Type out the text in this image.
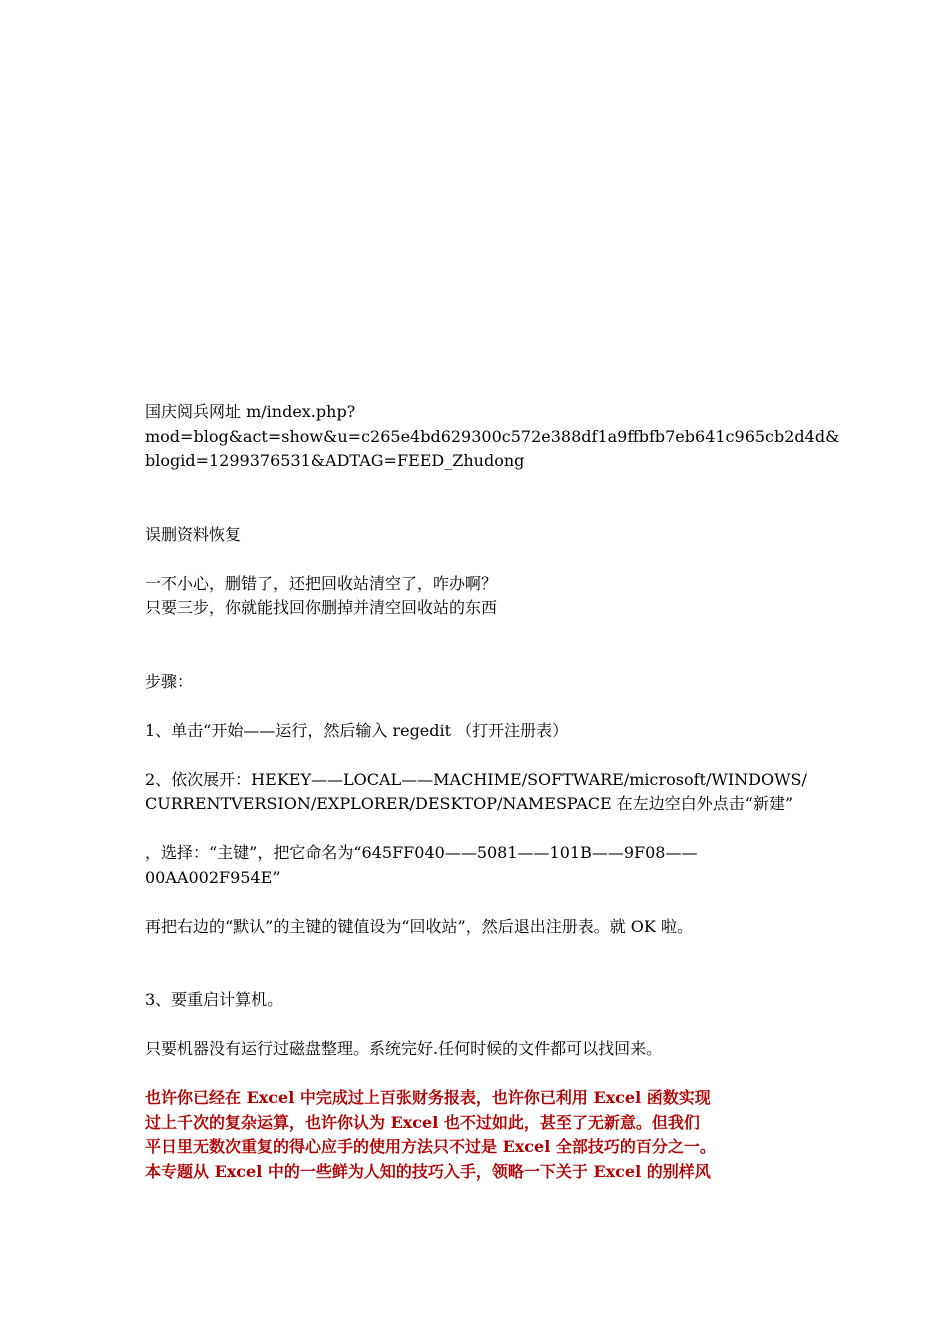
国庆阅兵网址 m/index.php?
mod=blog&act=show&u=c265e4bd629300c572e388df1a9ffbfb7eb641c965cb2d4d&
blogid=1299376531&ADTAG=FEED_Zhudong
误删资料恢复
一不小心，删错了，还把回收站清空了，咋办啊？
只要三步，你就能找回你删掉并清空回收站的东西
步骤：
1、单击“开始——运行，然后输入 regedit （打开注册表）
2、依次展开：HEKEY——LOCAL——MACHIME/SOFTWARE/microsoft/WINDOWS/
CURRENTVERSION/EXPLORER/DESKTOP/NAMESPACE 在左边空白外点击“新建”
，选择：“主键”，把它命名为“645FF040——5081——101B——9F08——
00AA002F954E”
再把右边的“默认”的主键的键值设为“回收站”，然后退出注册表。就 OK 啦。
3、要重启计算机。
只要机器没有运行过磁盘整理。系统完好.任何时候的文件都可以找回来。
也许你已经在 Excel 中完成过上百张财务报表，也许你已利用 Excel 函数实现
过上千次的复杂运算，也许你认为 Excel 也不过如此，甚至了无新意。但我们
平日里无数次重复的得心应手的使用方法只不过是 Excel 全部技巧的百分之一。
本专题从 Excel 中的一些鲜为人知的技巧入手，领略一下关于 Excel 的别样风
